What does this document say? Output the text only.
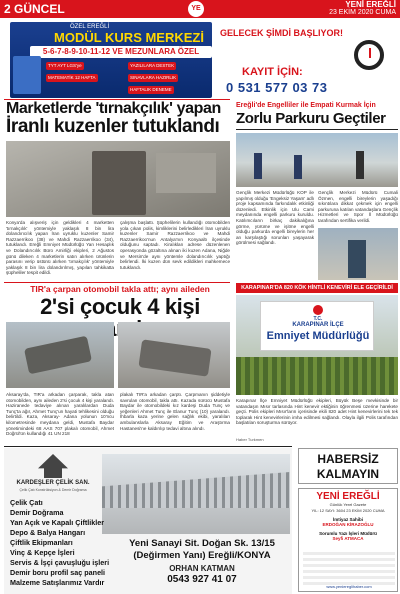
2 GÜNCEL	YE	YENİ EREĞLİ
23 EKİM 2020 CUMA
ÖZEL EREĞLİ
MODÜL KURS MERKEZİ
5-6-7-8-9-10-11-12 VE MEZUNLARA ÖZEL
TYT AYT LGS'ye	YAZILILARA DESTEK
MATEMATİK 12 HAFTA	SINAVLARA HAZIRLIK
HAFTALIK DENEME
GELECEK ŞİMDİ BAŞLIYOR!
KAYIT İÇİN:
0 531 577 03 73
Marketlerde 'tırnakçılık' yapan
İranlı kuzenler tutuklandı
Konya'da alışveriş için geldikleri 4 marketten 'tırnakçılık' yöntemiyle yaklaşık 8 bin lira dolandırıcılık yapan İran uyruklu kuzenler Samir Razzaerrikoo (38) ve Mahdi Razzaerrikoo (34), tutuklandı. Ereğli Emniyet Müdürlüğü Yan Hesaplık ve Dolandırıcılık Büro Amirliği ekipleri, 2 Ağustos günü dileken 4 marketlerin satın alırken ürünlerin parasını verip üstünü alırken 'tırnakçılık' yöntemiyle yaklaşık 8 bin lira dolandırılmış, yapılan tahkikatta şüpheliler tespit edildi.
çalışma başlattı. Şüphelilerin kullandığı otomobilden yola çıkan polis, kimliklerini belirledikleri İran uyruklu kuzenler Samir Razzaerrikoo ve Mahdi Razzaerrikoo'nun Antalya'nın Konyaaltı ilçesinde olduğunu saptadı. Kiralıklan adrese düzenlenen operasyonda gözaltına alınan iki kuzen Adana, Niğde ve Mersin'de aynı yöntemle dolandırıcılık yaptığı belirlendi. İki kuzen dün sevk edildikleri mahkemece tutuklandı.
Ereğli'de Engelliler ile Empati Kurmak İçin
Zorlu Parkuru Geçtiler
Gençlik Merkezi Müdürlüğü KOP ile yapılmış olduğu 'Engeksiz Yaşam' adlı proje kapsamında farkındalık etkinliği düzenledi. Etkinlik için Ulu Cami meydanında engelli parkuru kuruldu. Katılımcıların birkaç dakikalığına görme, yürüme ve işitme engelli olduğu parkurda engelli bireylerin her an karşılaştığı sorunları yaşayarak görülmesi sağlandı.
Gençlik Merkezi Müdürü Cumali Özmen, engelli bireylerin yaşadığı sıkıntılara dikkat çekmek için engelli parkuruna katılan vatandaşlara Gençlik Hizmetleri ve Spor İl Müdürlüğü tarafından sertifika verildi.
TIR'a çarpan otomobil takla attı; aynı aileden
2'si çocuk 4 kişi
Aksaray'da, TIR'a arkadan çarparak, takla atan otomobilden, aynı aileden 2'si çocuk 4 kişi yaralandı. Haziranede tedaviye alınan yaralılardan Duda Tunç'ta ağır, Ahmet Tunç'un hayati tehlikesini olduğu belirtildi. Kaza, Aksaray- Adana yolunun 10'ncu kilometresinde meydana geldi, Mustafa Baydar yönetimindeki 68 AAS 707 plakalı otomobil, Ahmet Doğrül'ün kullandığı 41 UN 218
plakalı TIR'a arkadan çarptı. Çarpmanın şiddetiyle savrulan otomobil, takla attı. Kazada sürücü Mustafa Baydar ile otomobildeki kız kardeşi Duda Tunç ve yeğenleri Ahmet Tunç ile Elanur Tunç (10) yaralandı. İhbarla kaza yerine gelen sağlık ekibi, yaralıları ambulanslarla Aksaray Eğitim ve Araştırma Hastanesi'ne kaldırılıp tedavi altına alındı.
KARAPINAR'DA 820 KÖK HİNTLİ KENEVİRİ ELE GEÇİRİLDİ
T.C.
KARAPINAR İLÇE
Emniyet Müdürlüğü
Karapınar İlçe Emniyet Müdürlüğü ekipleri, Büyük Beşe mevkisinde bir vatandaşın Mısır tarlasında Hint kenevir ektiğinin öğrenmesi üzerine harekete geçti. Polis ekipleri Mısır'ların içerisinde ekili 820 adet Hint kenevirlerini tek tek toplarak Hint kenevirlerinin imha edilmesi sağlandı. Olayla ilgili Polis tarafından başlatılan soruşturma sürüyor.
Haber Turkmen
KARDEŞLER ÇELİK SAN.
Çelik Çatı Konstrüksiyon & Demir Doğrama
Çelik Çatı
Demir Doğrama
Yan Açık ve Kapalı Çiftlikler
Depo & Balya Hangarı
Çiftlik Ekipmanları
Vinç & Kepçe İşleri
Servis & İşçi çavuşluğu işleri
Demir boru profil saç paneli
Malzeme Satışlarımız Vardır
Yeni Sanayi Sit. Doğan Sk. 13/15
(Değirmen Yanı) Ereğli/KONYA
ORHAN KATMAN
0543 927 41 07
HABERSİZ
KALMAYIN
YENİ EREĞLİ
Günlük Yerel Gazete
YIL: 12 SAYI: 3604 23 EKİM 2020 CUMA
İmtiyaz Sahibi
ERDOĞAN KİRAZOĞLU
Sorumlu Yazı İşleri Müdürü
Seyfi ATMACA
www.yeniereglihaber.com
